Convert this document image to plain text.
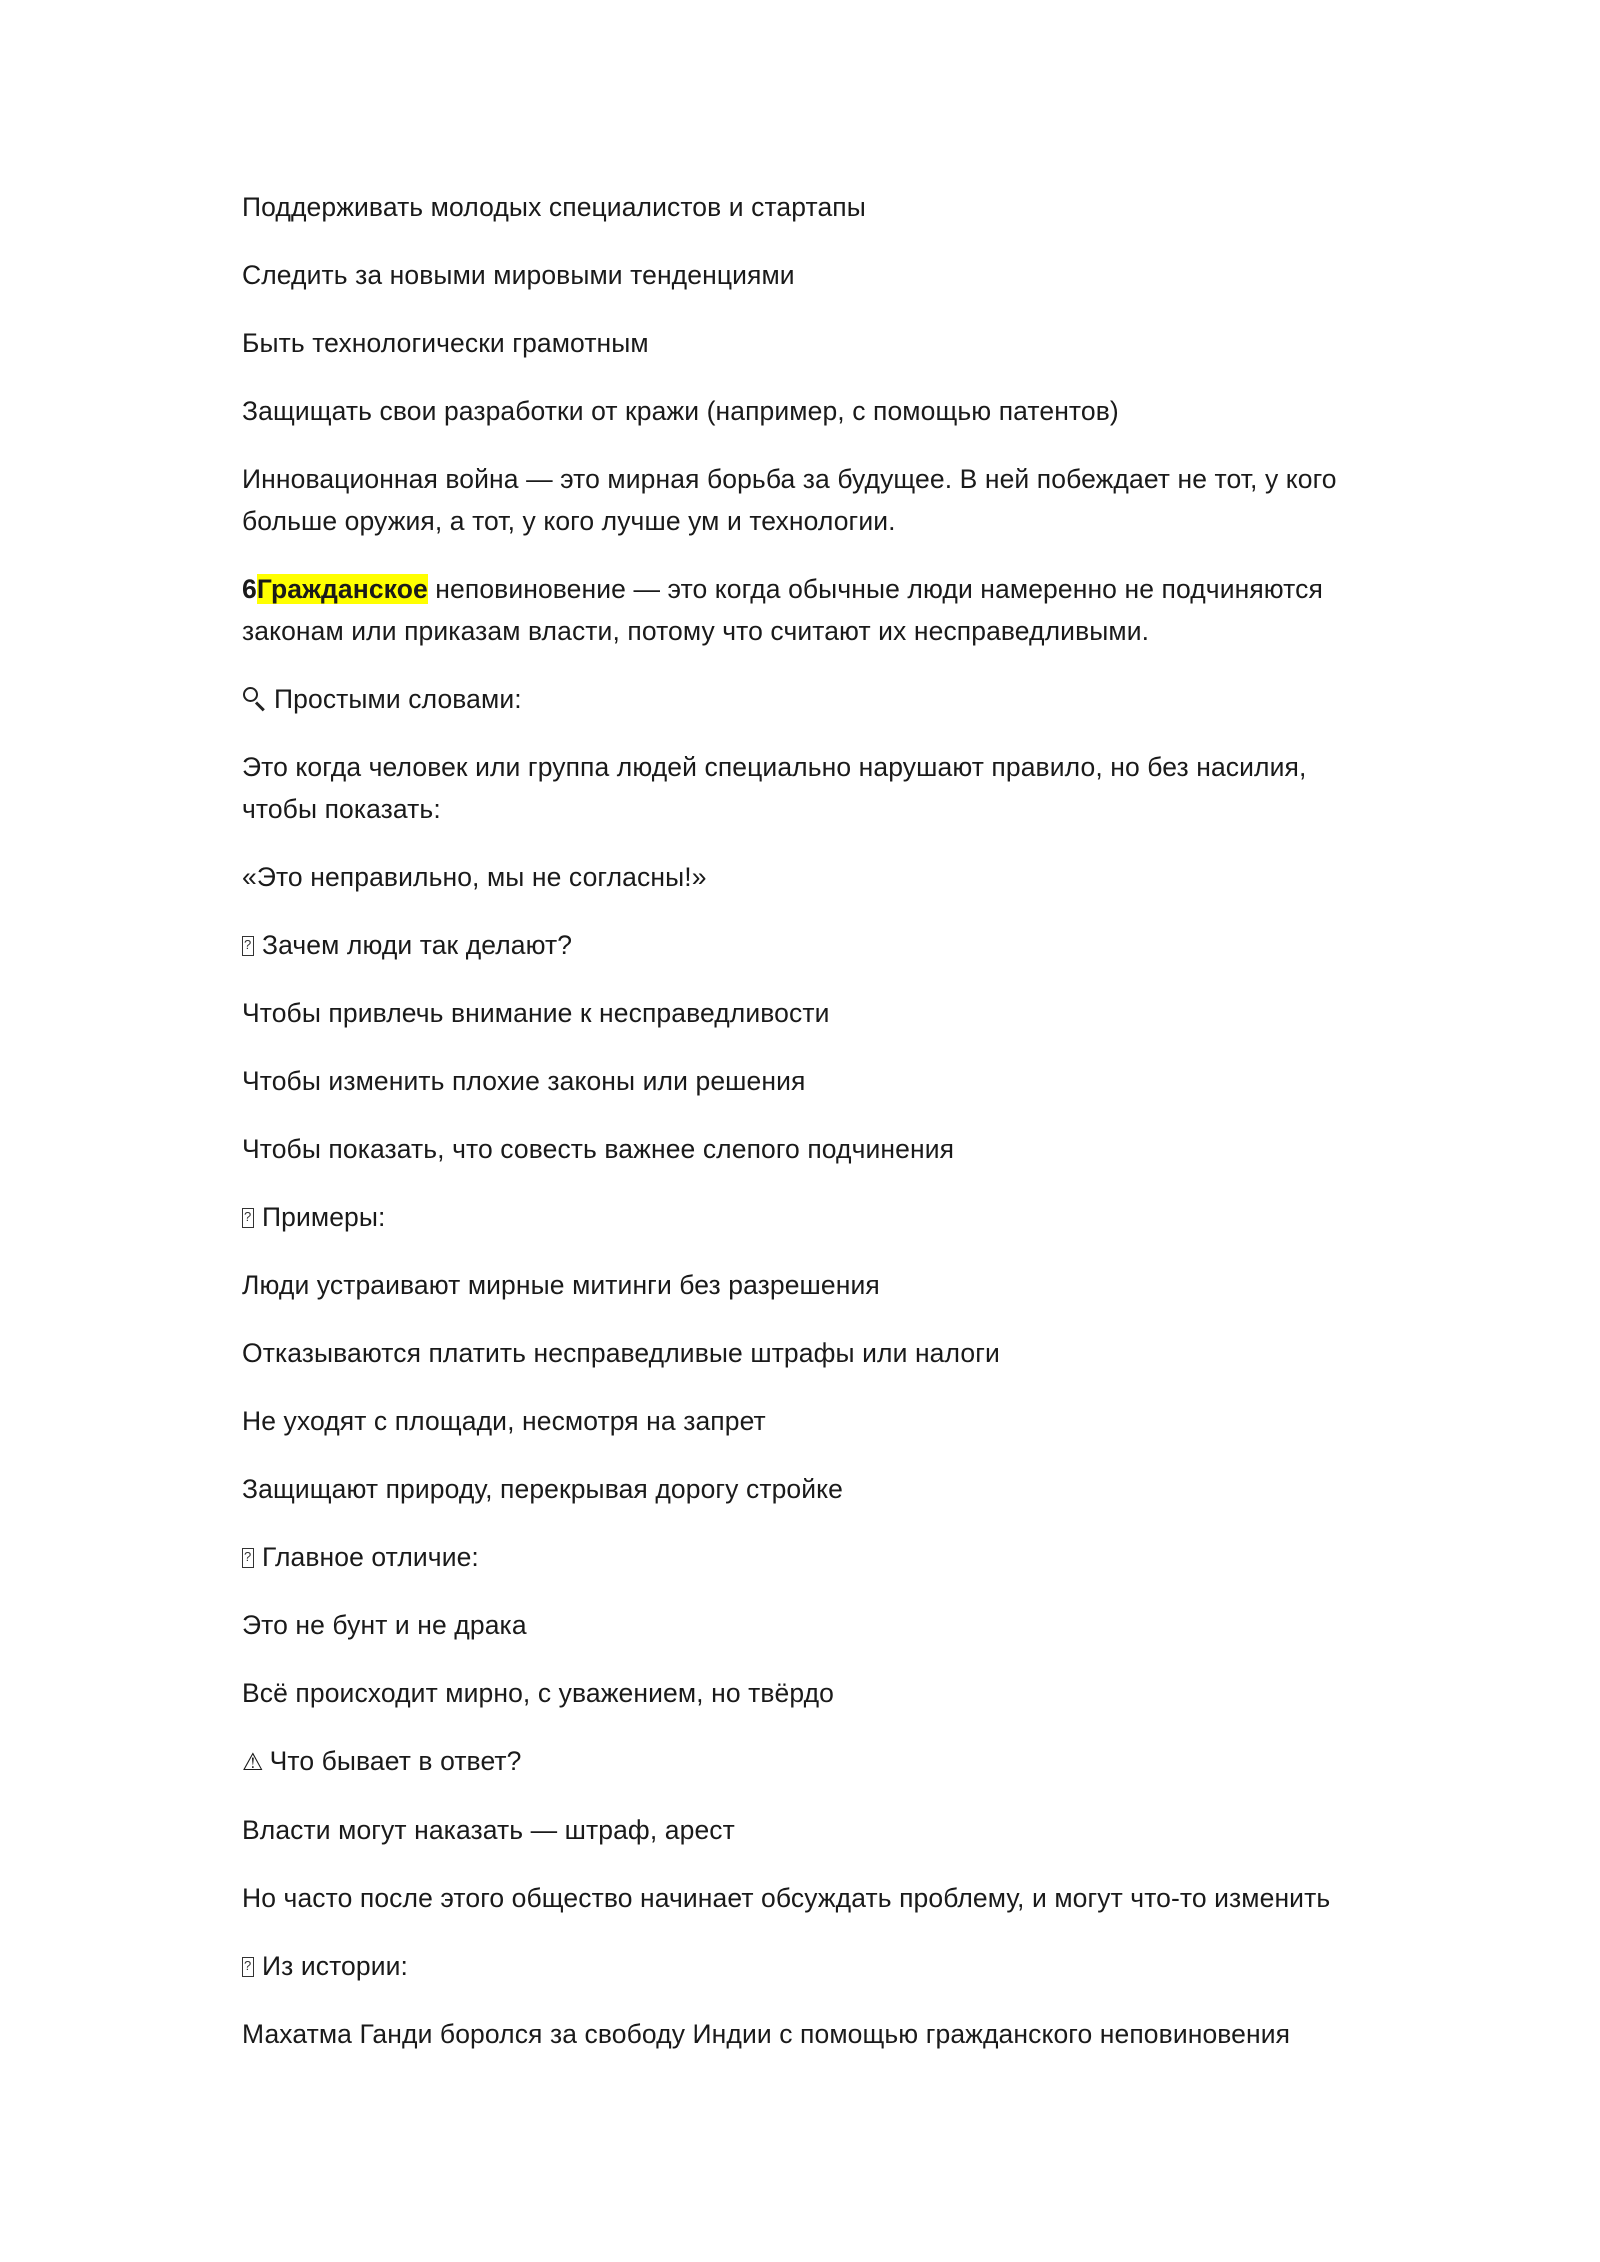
Поддерживать молодых специалистов и стартапы

Следить за новыми мировыми тенденциями

Быть технологически грамотным

Защищать свои разработки от кражи (например, с помощью патентов)

Инновационная война — это мирная борьба за будущее. В ней побеждает не тот, у кого больше оружия, а тот, у кого лучше ум и технологии.

6Гражданское неповиновение — это когда обычные люди намеренно не подчиняются законам или приказам власти, потому что считают их несправедливыми.

Простыми словами:

Это когда человек или группа людей специально нарушают правило, но без насилия, чтобы показать:

«Это неправильно, мы не согласны!»

?Зачем люди так делают?

Чтобы привлечь внимание к несправедливости

Чтобы изменить плохие законы или решения

Чтобы показать, что совесть важнее слепого подчинения

?Примеры:

Люди устраивают мирные митинги без разрешения

Отказываются платить несправедливые штрафы или налоги

Не уходят с площади, несмотря на запрет

Защищают природу, перекрывая дорогу стройке

?Главное отличие:

Это не бунт и не драка

Всё происходит мирно, с уважением, но твёрдо

⚠ Что бывает в ответ?

Власти могут наказать — штраф, арест

Но часто после этого общество начинает обсуждать проблему, и могут что-то изменить

?Из истории:

Махатма Ганди боролся за свободу Индии с помощью гражданского неповиновения
